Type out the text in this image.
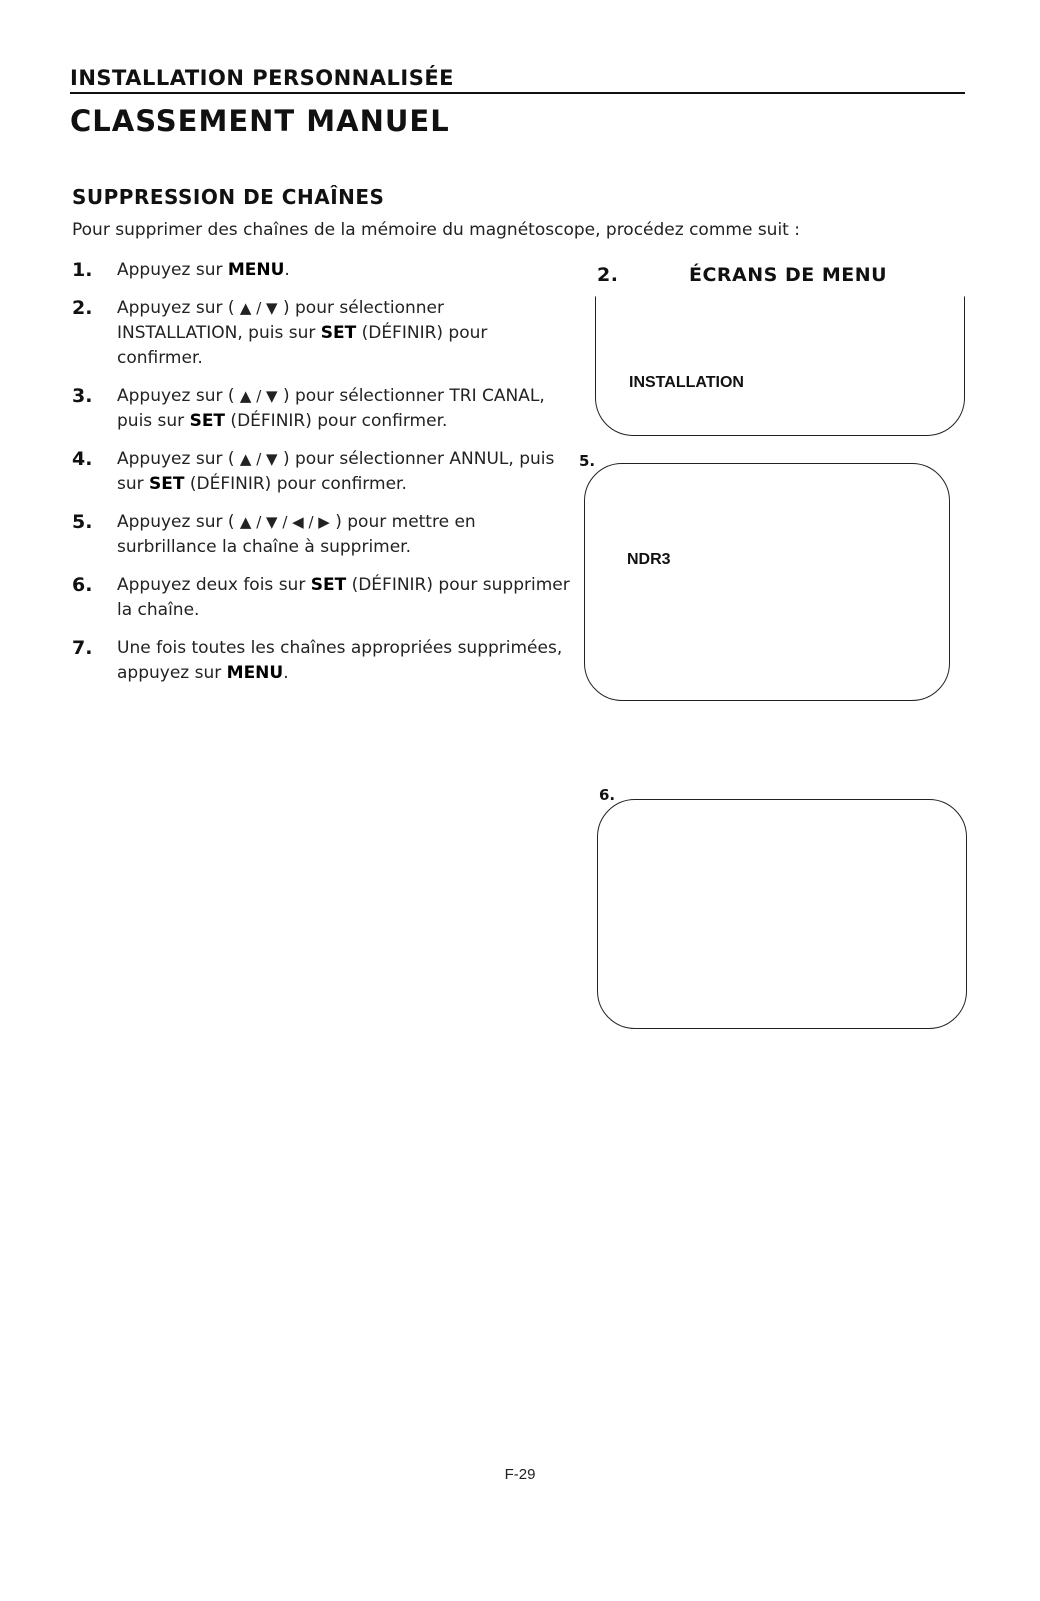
INSTALLATION PERSONNALISÉE
CLASSEMENT MANUEL
SUPPRESSION DE CHAÎNES
Pour supprimer des chaînes de la mémoire du magnétoscope, procédez comme suit :
1.	Appuyez sur MENU.
2.	Appuyez sur ( ▲ / ▼ ) pour sélectionner INSTALLATION, puis sur SET (DÉFINIR) pour confirmer.
3.	Appuyez sur ( ▲ / ▼ ) pour sélectionner TRI CANAL, puis sur SET (DÉFINIR) pour confirmer.
4.	Appuyez sur ( ▲ / ▼ ) pour sélectionner ANNUL, puis sur SET (DÉFINIR) pour confirmer.
5.	Appuyez sur ( ▲ / ▼ / ◀ / ▶ ) pour mettre en surbrillance la chaîne à supprimer.
6.	Appuyez deux fois sur SET (DÉFINIR) pour supprimer la chaîne.
7.	Une fois toutes les chaînes appropriées supprimées, appuyez sur MENU.
2.	ÉCRANS DE MENU
INSTALLATION
5.
NDR3
6.
F-29
